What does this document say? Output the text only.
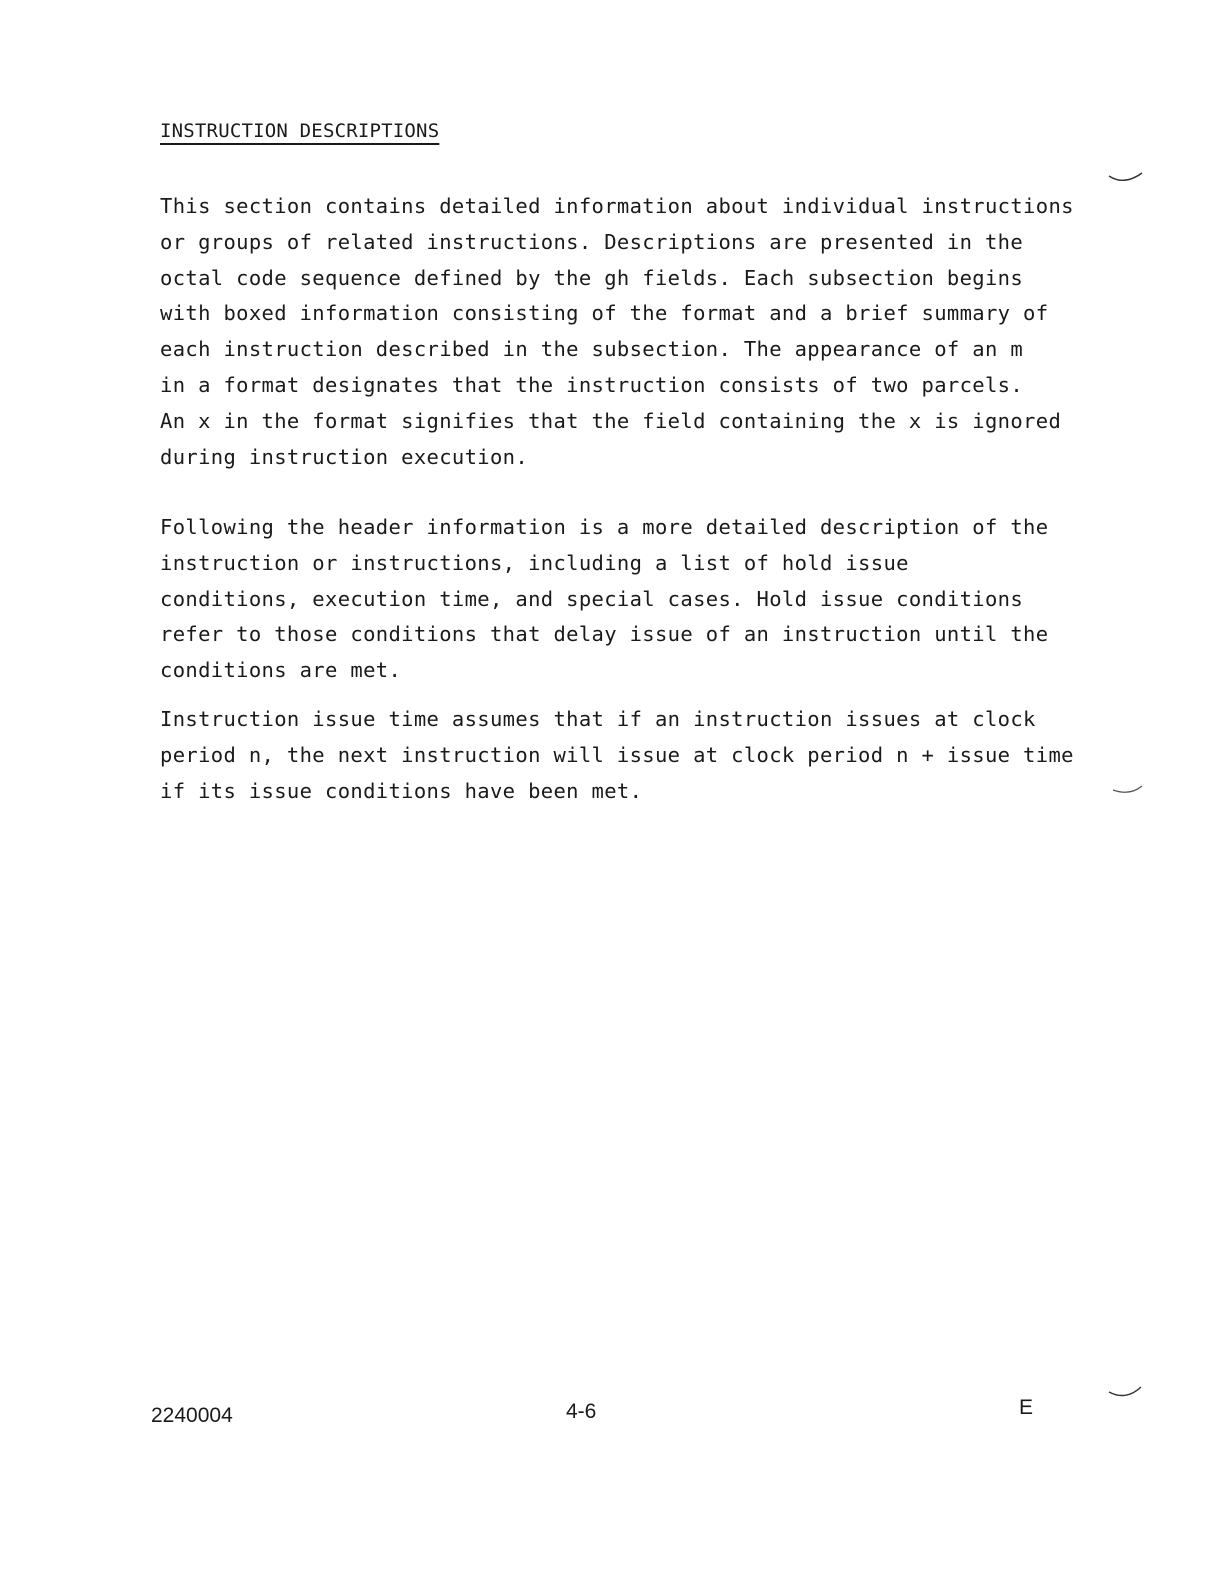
INSTRUCTION DESCRIPTIONS
This section contains detailed information about individual instructions
or groups of related instructions. Descriptions are presented in the
octal code sequence defined by the gh fields. Each subsection begins
with boxed information consisting of the format and a brief summary of
each instruction described in the subsection. The appearance of an m
in a format designates that the instruction consists of two parcels.
An x in the format signifies that the field containing the x is ignored
during instruction execution.
Following the header information is a more detailed description of the
instruction or instructions, including a list of hold issue
conditions, execution time, and special cases. Hold issue conditions
refer to those conditions that delay issue of an instruction until the
conditions are met.
Instruction issue time assumes that if an instruction issues at clock
period n, the next instruction will issue at clock period n + issue time
if its issue conditions have been met.
2240004	4-6	E
